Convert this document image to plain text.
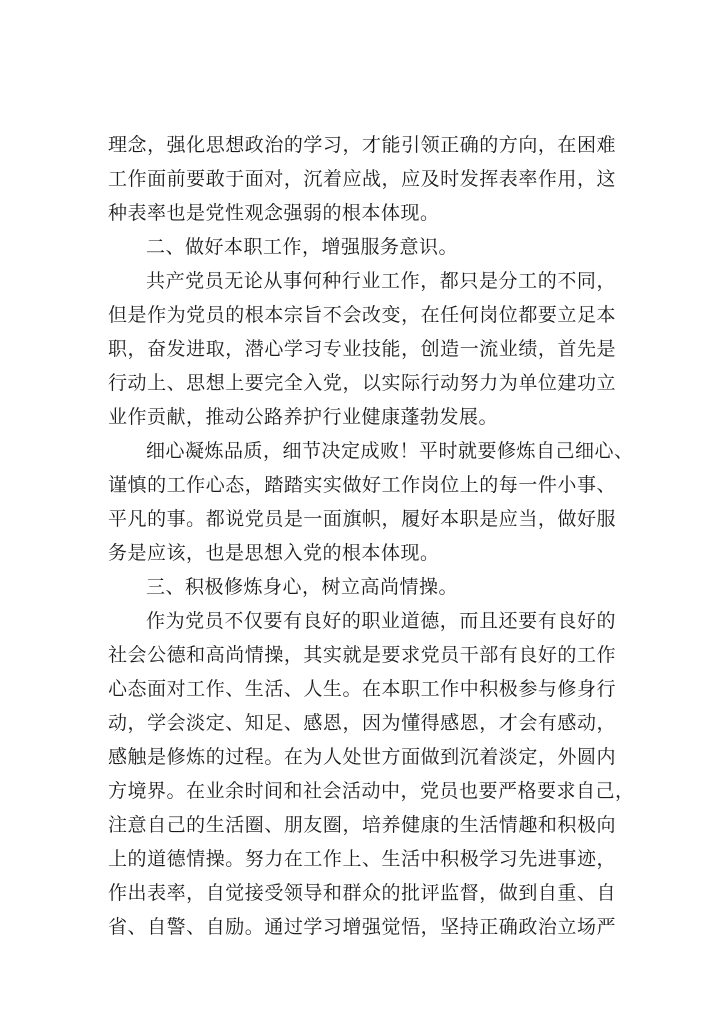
理念，强化思想政治的学习，才能引领正确的方向，在困难
工作面前要敢于面对，沉着应战，应及时发挥表率作用，这
种表率也是党性观念强弱的根本体现。
二、做好本职工作，增强服务意识。
共产党员无论从事何种行业工作，都只是分工的不同，
但是作为党员的根本宗旨不会改变，在任何岗位都要立足本
职，奋发进取，潜心学习专业技能，创造一流业绩，首先是
行动上、思想上要完全入党，以实际行动努力为单位建功立
业作贡献，推动公路养护行业健康蓬勃发展。
细心凝炼品质，细节决定成败！平时就要修炼自己细心、
谨慎的工作心态，踏踏实实做好工作岗位上的每一件小事、
平凡的事。都说党员是一面旗帜，履好本职是应当，做好服
务是应该，也是思想入党的根本体现。
三、积极修炼身心，树立高尚情操。
作为党员不仅要有良好的职业道德，而且还要有良好的
社会公德和高尚情操，其实就是要求党员干部有良好的工作
心态面对工作、生活、人生。在本职工作中积极参与修身行
动，学会淡定、知足、感恩，因为懂得感恩，才会有感动，
感触是修炼的过程。在为人处世方面做到沉着淡定，外圆内
方境界。在业余时间和社会活动中，党员也要严格要求自己，
注意自己的生活圈、朋友圈，培养健康的生活情趣和积极向
上的道德情操。努力在工作上、生活中积极学习先进事迹，
作出表率，自觉接受领导和群众的批评监督，做到自重、自
省、自警、自励。通过学习增强觉悟，坚持正确政治立场严
